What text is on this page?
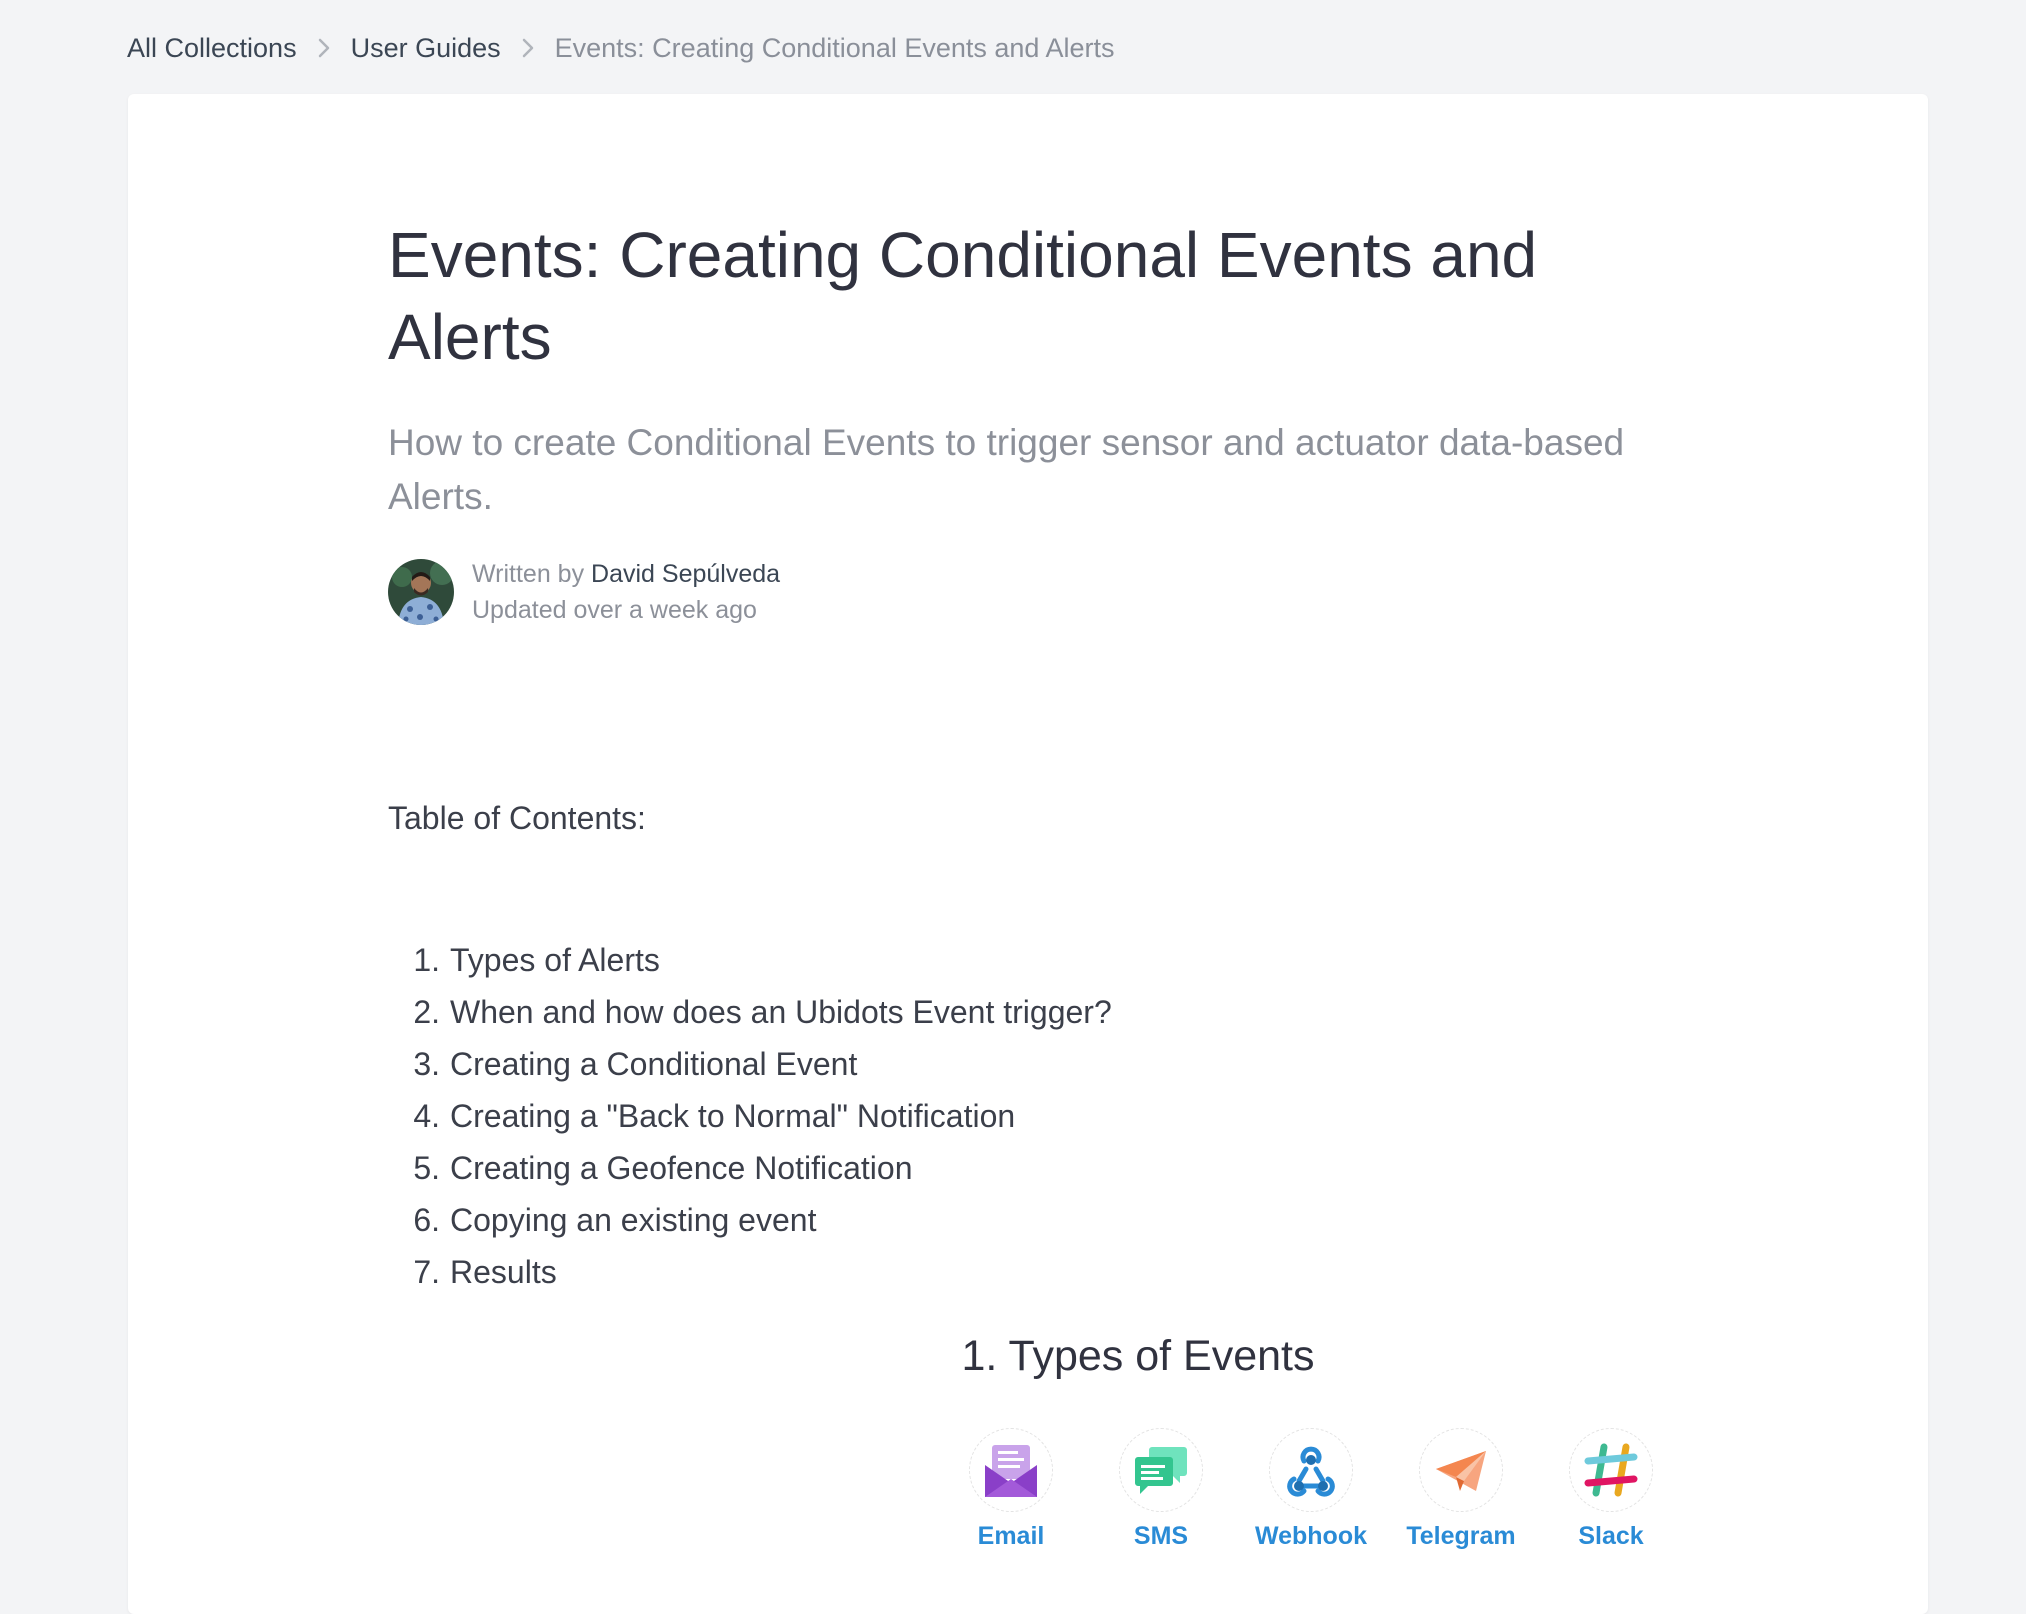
All Collections User Guides Events: Creating Conditional Events and Alerts
Events: Creating Conditional Events and Alerts

How to create Conditional Events to trigger sensor and actuator data-based Alerts.

Written by David Sepúlveda
Updated over a week ago
Table of Contents:
1. Types of Alerts
2. When and how does an Ubidots Event trigger?
3. Creating a Conditional Event
4. Creating a "Back to Normal" Notification
5. Creating a Geofence Notification
6. Copying an existing event
7. Results
1. Types of Events
Email	SMS	Webhook	Telegram	Slack
